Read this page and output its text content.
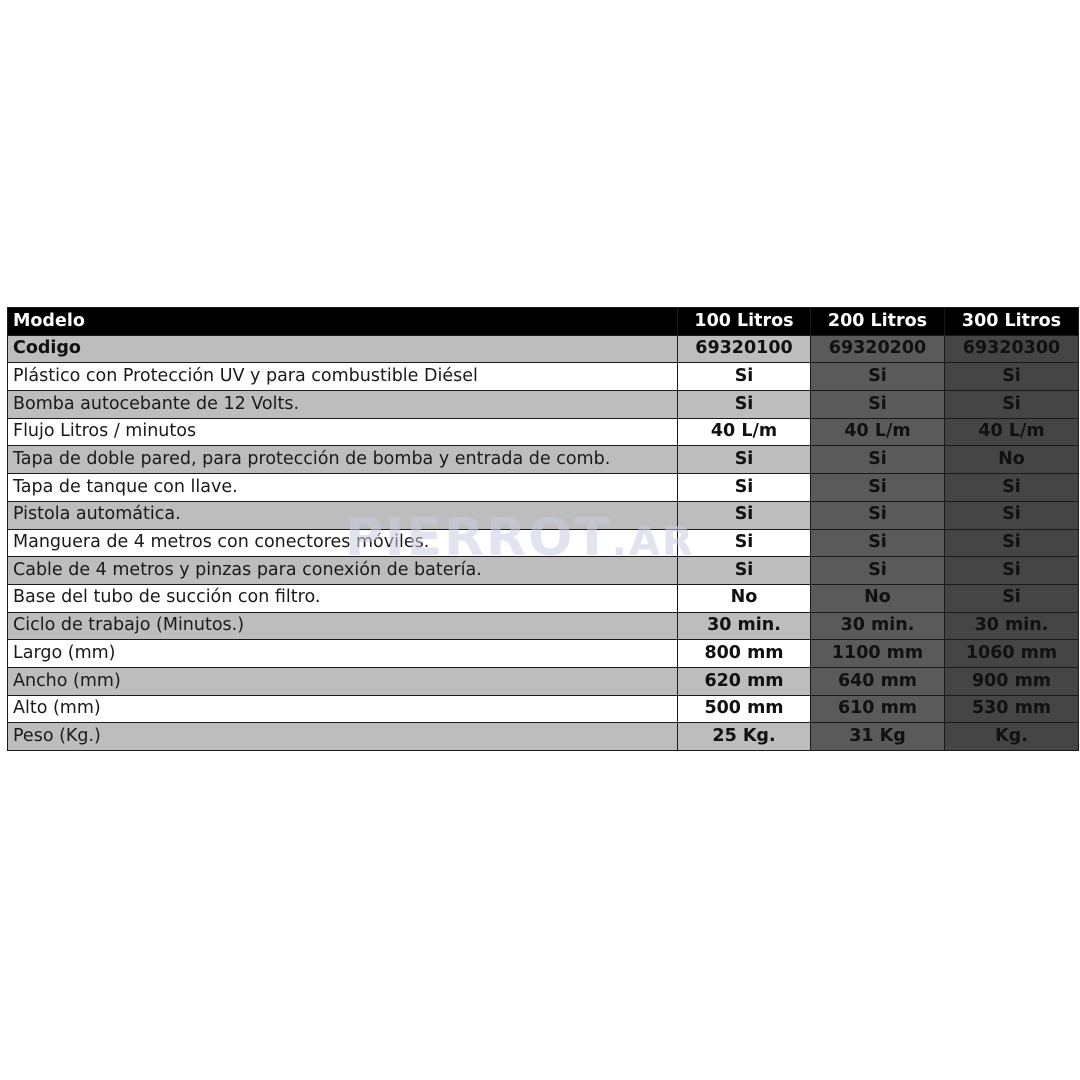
Modelo	100 Litros	200 Litros	300 Litros
Codigo	69320100	69320200	69320300
Plástico con Protección UV y para combustible Diésel	Si	Si	Si
Bomba autocebante de 12 Volts.	Si	Si	Si
Flujo Litros / minutos	40 L/m	40 L/m	40 L/m
Tapa de doble pared, para protección de bomba y entrada de comb.	Si	Si	No
Tapa de tanque con llave.	Si	Si	Si
Pistola automática.	Si	Si	Si
Manguera de 4 metros con conectores móviles.	Si	Si	Si
Cable de 4 metros y pinzas para conexión de batería.	Si	Si	Si
Base del tubo de succión con filtro.	No	No	Si
Ciclo de trabajo (Minutos.)	30 min.	30 min.	30 min.
Largo (mm)	800 mm	1100 mm	1060 mm
Ancho (mm)	620 mm	640 mm	900 mm
Alto (mm)	500 mm	610 mm	530 mm
Peso (Kg.)	25 Kg.	31 Kg	Kg.
PIERROT.AR
